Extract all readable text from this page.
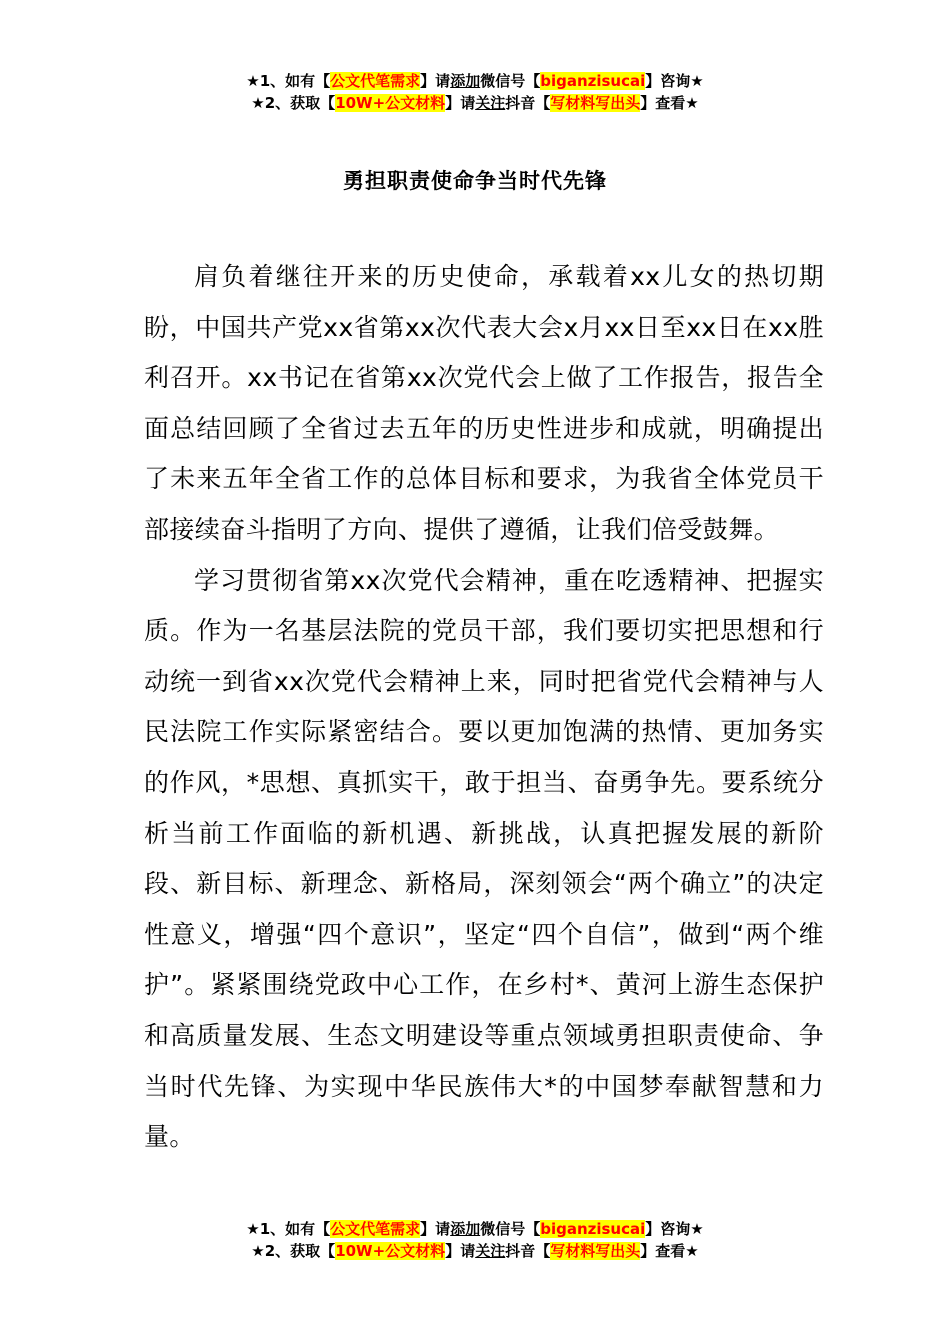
★1、如有【公文代笔需求】请添加微信号【biganzisucai】咨询★
★2、获取【10W+公文材料】请关注抖音【写材料写出头】查看★
勇担职责使命争当时代先锋

肩负着继往开来的历史使命，承载着xx儿女的热切期盼，中国共产党xx省第xx次代表大会x月xx日至xx日在xx胜利召开。xx书记在省第xx次党代会上做了工作报告，报告全面总结回顾了全省过去五年的历史性进步和成就，明确提出了未来五年全省工作的总体目标和要求，为我省全体党员干部接续奋斗指明了方向、提供了遵循，让我们倍受鼓舞。

学习贯彻省第xx次党代会精神，重在吃透精神、把握实质。作为一名基层法院的党员干部，我们要切实把思想和行动统一到省xx次党代会精神上来，同时把省党代会精神与人民法院工作实际紧密结合。要以更加饱满的热情、更加务实的作风，*思想、真抓实干，敢于担当、奋勇争先。要系统分析当前工作面临的新机遇、新挑战，认真把握发展的新阶段、新目标、新理念、新格局，深刻领会“两个确立”的决定性意义，增强“四个意识”，坚定“四个自信”，做到“两个维护”。紧紧围绕党政中心工作，在乡村*、黄河上游生态保护和高质量发展、生态文明建设等重点领域勇担职责使命、争当时代先锋、为实现中华民族伟大*的中国梦奉献智慧和力量。

★1、如有【公文代笔需求】请添加微信号【biganzisucai】咨询★
★2、获取【10W+公文材料】请关注抖音【写材料写出头】查看★
